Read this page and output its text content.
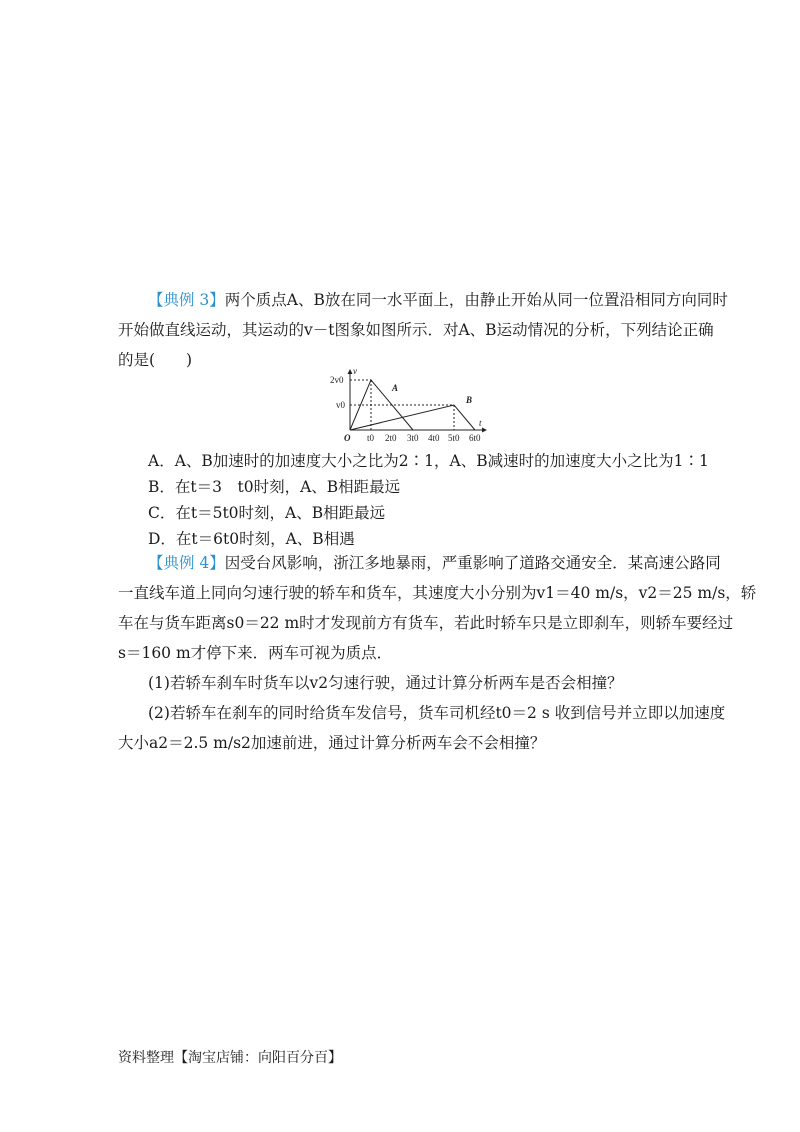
【典例 3】两个质点A、B放在同一水平面上，由静止开始从同一位置沿相同方向同时
开始做直线运动，其运动的v－t图象如图所示．对A、B运动情况的分析，下列结论正确
的是(　　)
2v0
v0
v
t
O t0 2t0 3t0 4t0 5t0 6t0
A
B
A．A、B加速时的加速度大小之比为2∶1，A、B减速时的加速度大小之比为1∶1
B．在t＝3　t0时刻，A、B相距最远
C．在t＝5t0时刻，A、B相距最远
D．在t＝6t0时刻，A、B相遇
【典例 4】因受台风影响，浙江多地暴雨，严重影响了道路交通安全．某高速公路同
一直线车道上同向匀速行驶的轿车和货车，其速度大小分别为v1＝40 m/s，v2＝25 m/s，轿
车在与货车距离s0＝22 m时才发现前方有货车，若此时轿车只是立即刹车，则轿车要经过
s＝160 m才停下来．两车可视为质点．
(1)若轿车刹车时货车以v2匀速行驶，通过计算分析两车是否会相撞？
(2)若轿车在刹车的同时给货车发信号，货车司机经t0＝2 s 收到信号并立即以加速度
大小a2＝2.5 m/s2加速前进，通过计算分析两车会不会相撞？
资料整理【淘宝店铺：向阳百分百】
